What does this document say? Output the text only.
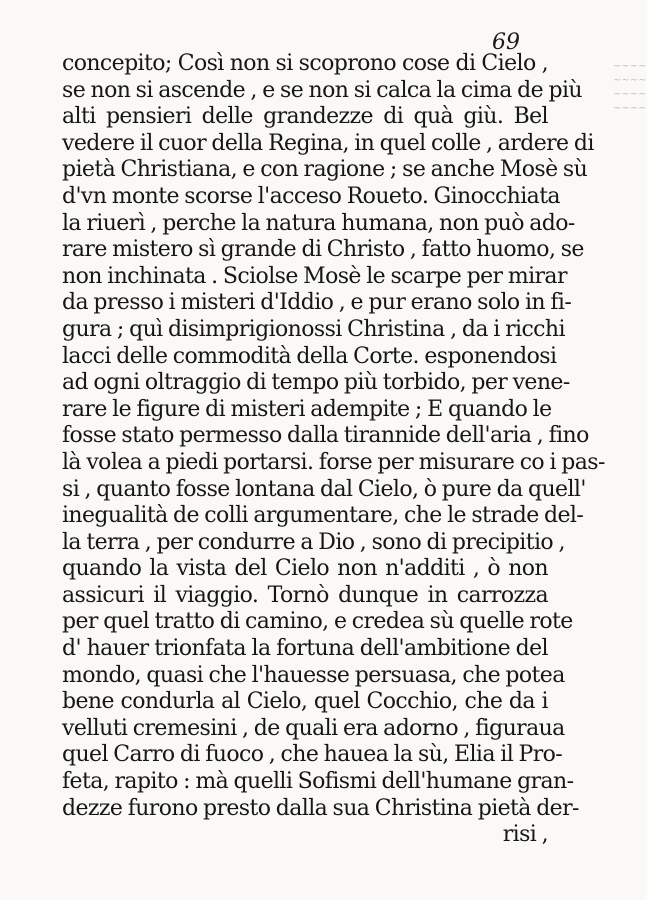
~~~~
~~~~
~~~~
~~~~
69
concepito; Così non si scoprono cose di Cielo ,
se non si ascende , e se non si calca la cima de più
alti pensieri delle grandezze di quà giù. Bel
vedere il cuor della Regina, in quel colle , ardere di
pietà Christiana, e con ragione ; se anche Mosè sù
d'vn monte scorse l'acceso Roueto. Ginocchiata
la riuerì , perche la natura humana, non può ado-
rare mistero sì grande di Christo , fatto huomo, se
non inchinata . Sciolse Mosè le scarpe per mirar
da presso i misteri d'Iddio , e pur erano solo in fi-
gura ; quì disimprigionossi Christina , da i ricchi
lacci delle commodità della Corte. esponendosi
ad ogni oltraggio di tempo più torbido, per vene-
rare le figure di misteri adempite ; E quando le
fosse stato permesso dalla tirannide dell'aria , fino
là volea a piedi portarsi. forse per misurare co i pas-
si , quanto fosse lontana dal Cielo, ò pure da quell'
inegualità de colli argumentare, che le strade del-
la terra , per condurre a Dio , sono di precipitio ,
quando la vista del Cielo non n'additi , ò non
assicuri il viaggio. Tornò dunque in carrozza
per quel tratto di camino, e credea sù quelle rote
d' hauer trionfata la fortuna dell'ambitione del
mondo, quasi che l'hauesse persuasa, che potea
bene condurla al Cielo, quel Cocchio, che da i
velluti cremesini , de quali era adorno , figuraua
quel Carro di fuoco , che hauea la sù, Elia il Pro-
feta, rapito : mà quelli Sofismi dell'humane gran-
dezze furono presto dalla sua Christina pietà der-
risi ,
